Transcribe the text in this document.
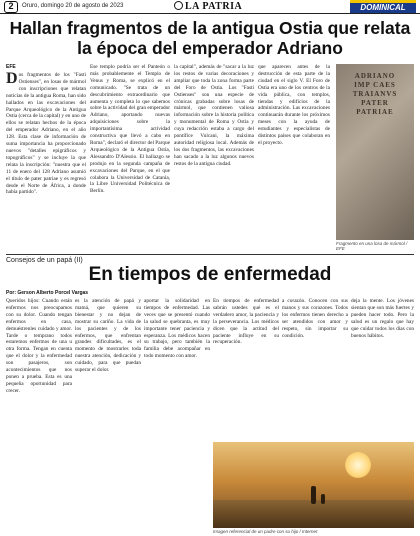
2	Oruro, domingo 20 de agosto de 2023	LA PATRIA	DOMINICAL
Hallan fragmentos de la antigua Ostia que relata la época del emperador Adriano
EFE
Dos fragmentos de los "Fasti Ostienses", en losas de mármol con inscripciones que relatan noticias de la antigua Roma, han sido hallados en las excavaciones del Parque Arqueológico de la Antigua Ostia (cerca de la capital) y en uno de ellos se relatan hechos de la época del emperador Adriano, en el año 128. Esta clase de información de suma importancia ha proporcionado nuevos "detalles epigráficos y topográficos" y se incluye la que relata la inscripción: "nuestra que el 11 de enero del 128 Adriano asumió el título de pater patriae y es regresó desde el Norte de África, a donde había partido".
Ese templo podría ser el Panteón o más probablemente el Templo de Venus y Roma, se explicó en el comunicado. "Se trata de un descubrimiento extraordinario que aumenta y completa lo que sabemos sobre la actividad del gran emperador Adriano, aportando nuevas adquisiciones sobre la importantísima actividad constructiva que llevó a cabo en Roma", declaró el director del Parque Arqueológico de la Antigua Ostia, Alessandro D'Alessio. El hallazgo se produjo en la segunda campaña de excavaciones del Parque, en el que colabora la Universidad de Catania, la Libre Universidad Politécnica de Berlín.
la capital", además de "sacar a la luz los restos de varias decoraciones y ampliar que toda la zona forma parte del Foro de Ostia. Los "Fasti Ostienses" son una especie de crónicas grabadas sobre losas de mármol, que contienen valiosa información sobre la historia política y monumental de Roma y Ostia y cuya redacción estaba a cargo del pontífice Vulcani, la máxima autoridad religiosa local. Además de los dos fragmentos, las excavaciones han sacado a la luz algunos nuevos restos de la antigua ciudad.
que aparecen antes de la destrucción de esta parte de la ciudad en el siglo V. El Foro de Ostia era uno de los centros de la vida pública, con templos, tiendas y edificios de la administración. Las excavaciones continuarán durante los próximos meses con la ayuda de estudiantes y especialistas de distintos países que colaboran en el proyecto.
ADRIANO
IMP CAES
TRAIANVS
PATER
PATRIAE
Fragmento en una losa de mármol / EFE
Consejos de un papá (II)
En tiempos de enfermedad
Por: Gerson Alberto Porcel Vargas
Queridos hijos: Cuando están enfermos nos preocupamos con su dolor. Cuando tengan enfermos en casa, demuéstrenles cuidado y amor. Tarde o temprano todos estaremos enfermos de una u otra forma. Tengan en cuenta que el dolor y la enfermedad son pasajeros, son acontecimientos que nos ponen a prueba. Esta es una pequeña oportunidad para crecer.
es la atención de papá y mamá, que quieren su bienestar y no dejan de mostrar su cariño. La vida de los pacientes y de los enfermos, que enfrentan grandes dificultades, es el momento de mostrarles toda nuestra atención, dedicación y cuidado, para que puedan superar el dolor.
aportar la solidaridad en tiempos de enfermedad. Las veces que se presentó cuando la salud se quebranta, es muy importante tener paciencia y esperanza. Los médicos hacen su trabajo, pero también la familia debe acompañar en todo momento con amor.
En tiempos de enfermedad sabrán ustedes qué es el verdadero amor, la paciencia y la perseverancia. Los médicos dicen que la actitud del paciente influye en su recuperación.
a corazón. Conocen con sus manos y sus corazones. Todos los enfermos tienen derecho a ser atendidos con amor y respeto, sin importar su condición.
deja la mente. Los jóvenes sientan que son más fuertes y pueden hacer todo. Pero la salud es un regalo que hay que cuidar todos los días con buenos hábitos.
Imagen referencial de un padre con su hijo / Internet
